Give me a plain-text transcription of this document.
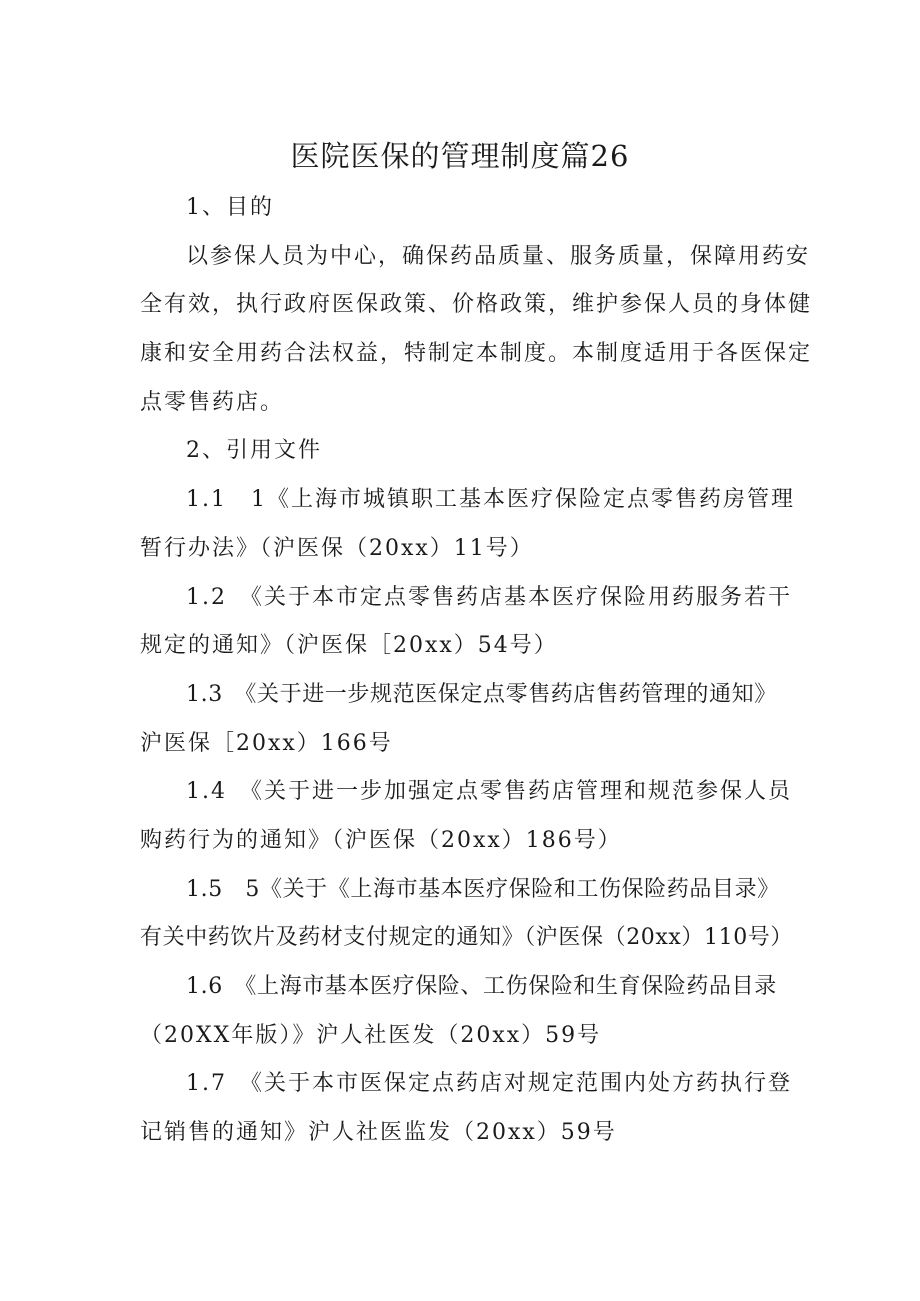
医院医保的管理制度篇26
1、目的
以参保人员为中心，确保药品质量、服务质量，保障用药安
全有效，执行政府医保政策、价格政策，维护参保人员的身体健
康和安全用药合法权益，特制定本制度。本制度适用于各医保定
点零售药店。
2、引用文件
1.1　1《上海市城镇职工基本医疗保险定点零售药房管理
暂行办法》（沪医保（20xx）11号）
1.2　《关于本市定点零售药店基本医疗保险用药服务若干
规定的通知》（沪医保［20xx）54号）
1.3　《关于进一步规范医保定点零售药店售药管理的通知》
沪医保［20xx）166号
1.4　《关于进一步加强定点零售药店管理和规范参保人员
购药行为的通知》（沪医保（20xx）186号）
1.5　5《关于《上海市基本医疗保险和工伤保险药品目录》
有关中药饮片及药材支付规定的通知》（沪医保（20xx）110号）
1.6　《上海市基本医疗保险、工伤保险和生育保险药品目录
（20XX年版）》沪人社医发（20xx）59号
1.7　《关于本市医保定点药店对规定范围内处方药执行登
记销售的通知》沪人社医监发（20xx）59号
